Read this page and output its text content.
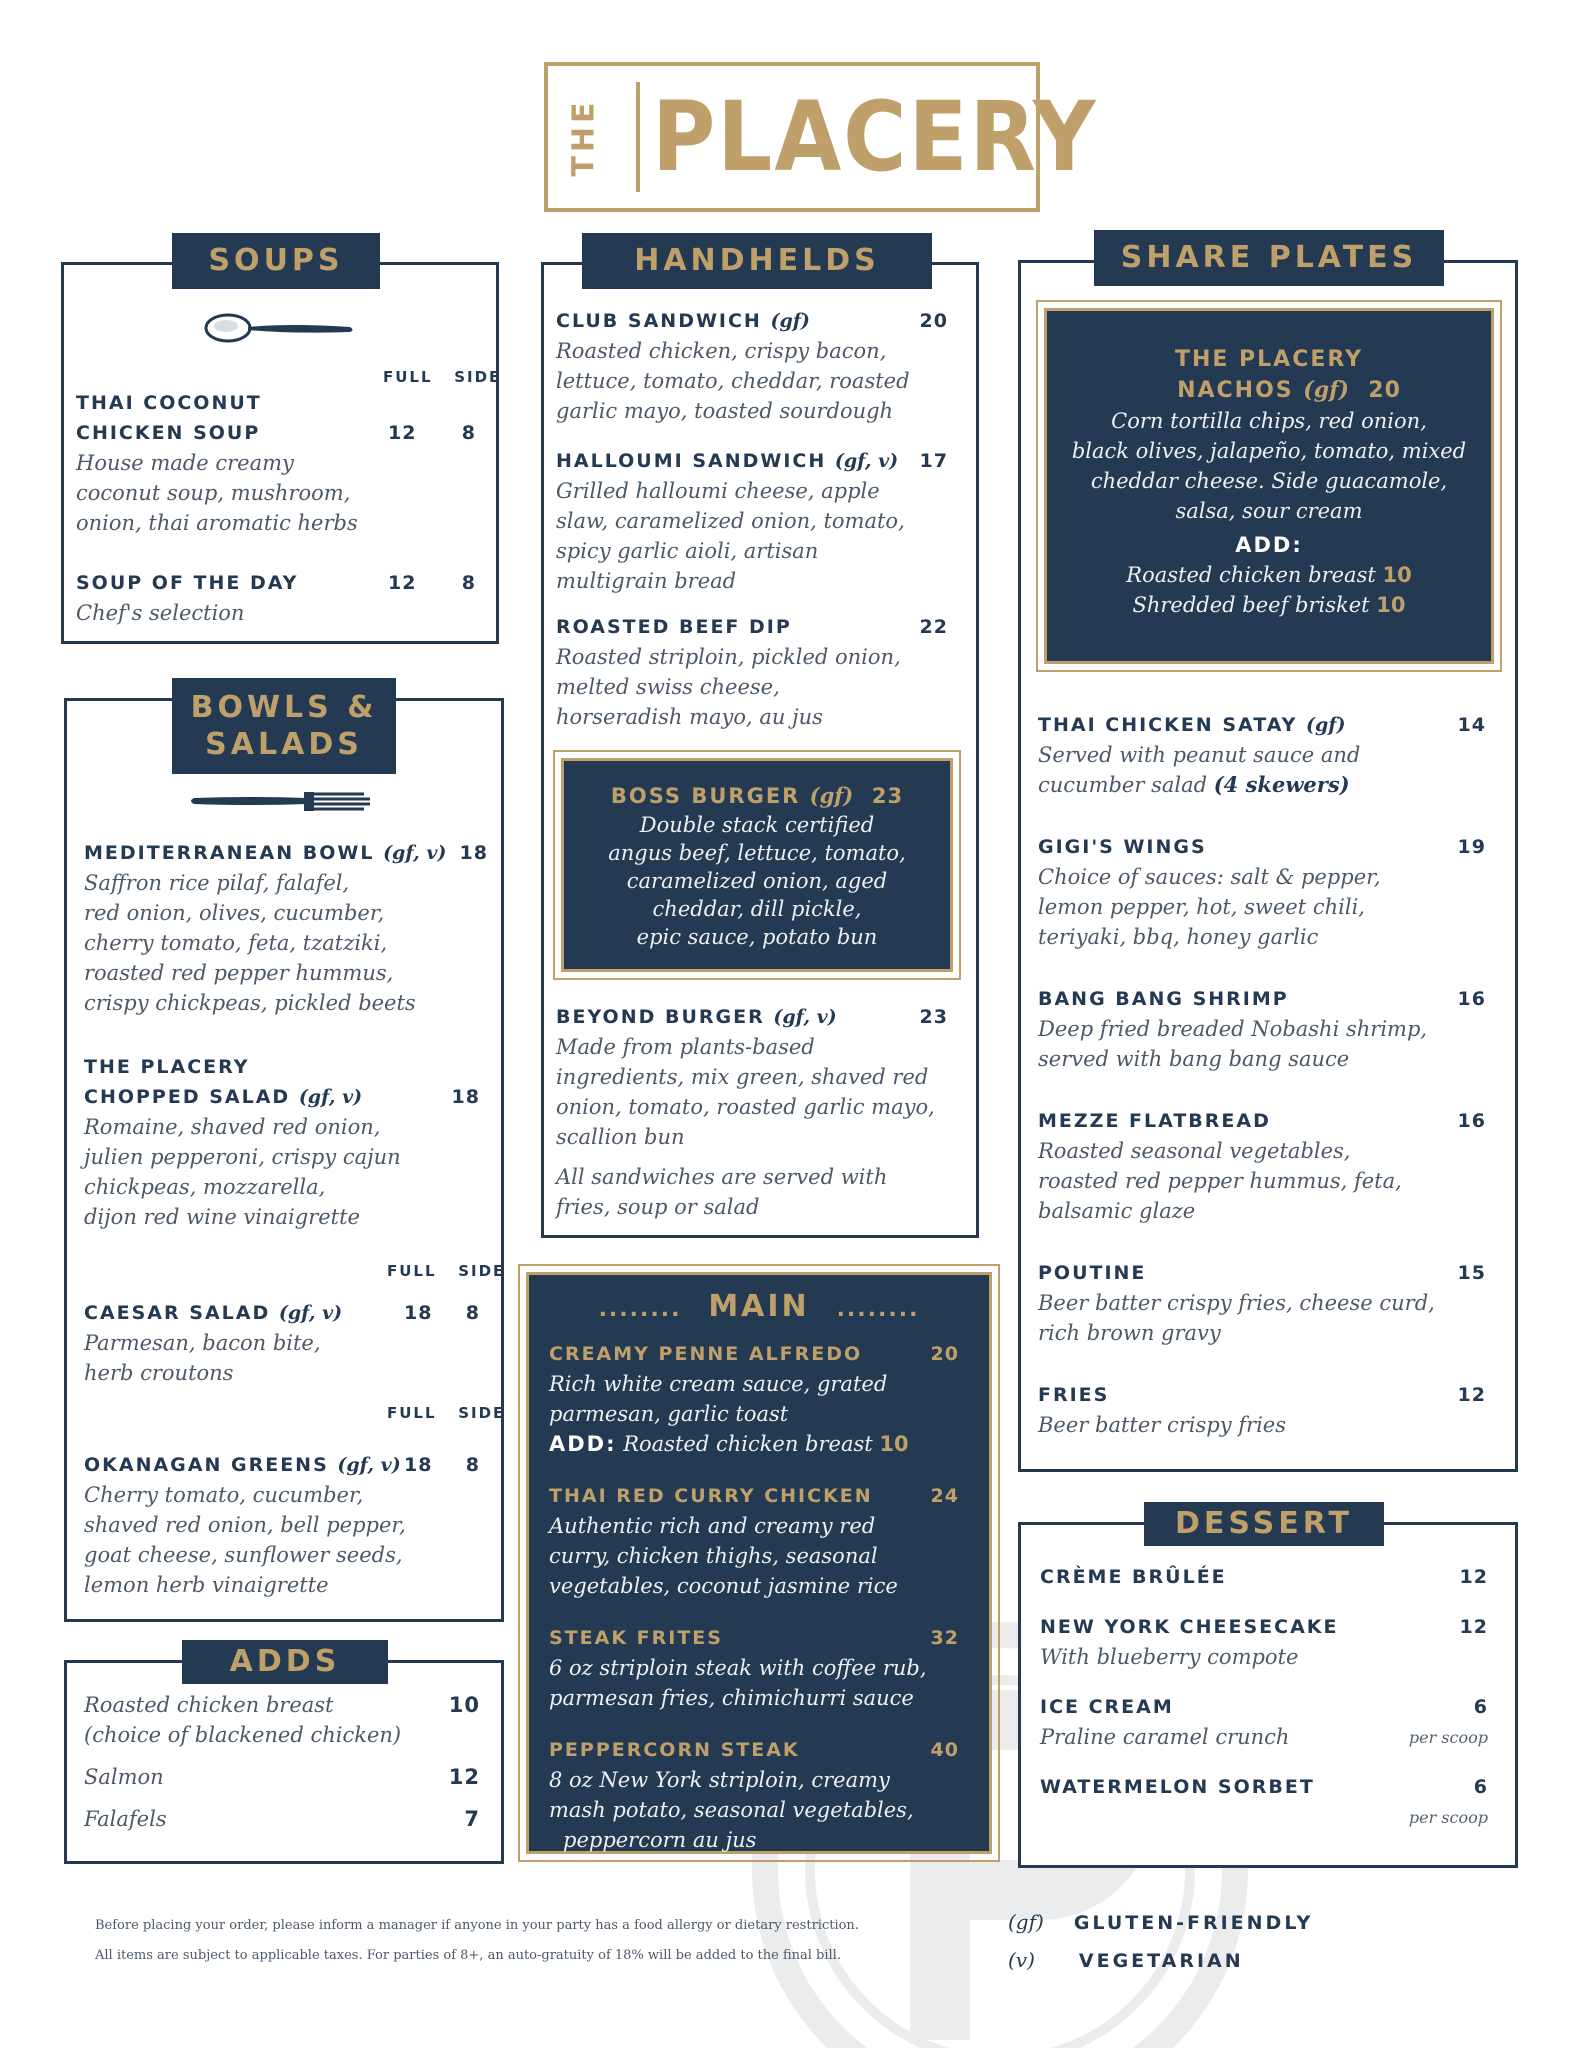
THE PLACERY
SOUPS
FULL SIDE
THAI COCONUT
CHICKEN SOUP	12 8
House made creamy
coconut soup, mushroom,
onion, thai aromatic herbs
SOUP OF THE DAY	12 8
Chef's selection
BOWLS &
SALADS
MEDITERRANEAN BOWL (gf, v) 18
Saffron rice pilaf, falafel,
red onion, olives, cucumber,
cherry tomato, feta, tzatziki,
roasted red pepper hummus,
crispy chickpeas, pickled beets
THE PLACERY
CHOPPED SALAD (gf, v)	18
Romaine, shaved red onion,
julien pepperoni, crispy cajun
chickpeas, mozzarella,
dijon red wine vinaigrette
FULL SIDE
CAESAR SALAD (gf, v)	18 8
Parmesan, bacon bite,
herb croutons
FULL SIDE
OKANAGAN GREENS (gf, v) 18 8
Cherry tomato, cucumber,
shaved red onion, bell pepper,
goat cheese, sunflower seeds,
lemon herb vinaigrette
ADDS
Roasted chicken breast	10
(choice of blackened chicken)
Salmon	12
Falafels	7
HANDHELDS
CLUB SANDWICH (gf)	20
Roasted chicken, crispy bacon,
lettuce, tomato, cheddar, roasted
garlic mayo, toasted sourdough
HALLOUMI SANDWICH (gf, v) 17
Grilled halloumi cheese, apple
slaw, caramelized onion, tomato,
spicy garlic aioli, artisan
multigrain bread
ROASTED BEEF DIP	22
Roasted striploin, pickled onion,
melted swiss cheese,
horseradish mayo, au jus
BOSS BURGER (gf) 23
Double stack certified
angus beef, lettuce, tomato,
caramelized onion, aged
cheddar, dill pickle,
epic sauce, potato bun
BEYOND BURGER (gf, v)	23
Made from plants-based
ingredients, mix green, shaved red
onion, tomato, roasted garlic mayo,
scallion bun
All sandwiches are served with
fries, soup or salad
........ MAIN ........
CREAMY PENNE ALFREDO	20
Rich white cream sauce, grated
parmesan, garlic toast
ADD: Roasted chicken breast 10
THAI RED CURRY CHICKEN	24
Authentic rich and creamy red
curry, chicken thighs, seasonal
vegetables, coconut jasmine rice
STEAK FRITES	32
6 oz striploin steak with coffee rub,
parmesan fries, chimichurri sauce
PEPPERCORN STEAK	40
8 oz New York striploin, creamy
mash potato, seasonal vegetables,
peppercorn au jus
SHARE PLATES
THE PLACERY
NACHOS (gf) 20
Corn tortilla chips, red onion,
black olives, jalapeño, tomato, mixed
cheddar cheese. Side guacamole,
salsa, sour cream
ADD:
Roasted chicken breast 10
Shredded beef brisket 10
THAI CHICKEN SATAY (gf)	14
Served with peanut sauce and
cucumber salad (4 skewers)
GIGI'S WINGS	19
Choice of sauces: salt & pepper,
lemon pepper, hot, sweet chili,
teriyaki, bbq, honey garlic
BANG BANG SHRIMP	16
Deep fried breaded Nobashi shrimp,
served with bang bang sauce
MEZZE FLATBREAD	16
Roasted seasonal vegetables,
roasted red pepper hummus, feta,
balsamic glaze
POUTINE	15
Beer batter crispy fries, cheese curd,
rich brown gravy
FRIES	12
Beer batter crispy fries
DESSERT
CRÈME BRÛLÉE	12
NEW YORK CHEESECAKE	12
With blueberry compote
ICE CREAM	6
Praline caramel crunch	per scoop
WATERMELON SORBET	6
per scoop
Before placing your order, please inform a manager if anyone in your party has a food allergy or dietary restriction.
All items are subject to applicable taxes. For parties of 8+, an auto-gratuity of 18% will be added to the final bill.
(gf) GLUTEN-FRIENDLY
(v) VEGETARIAN
